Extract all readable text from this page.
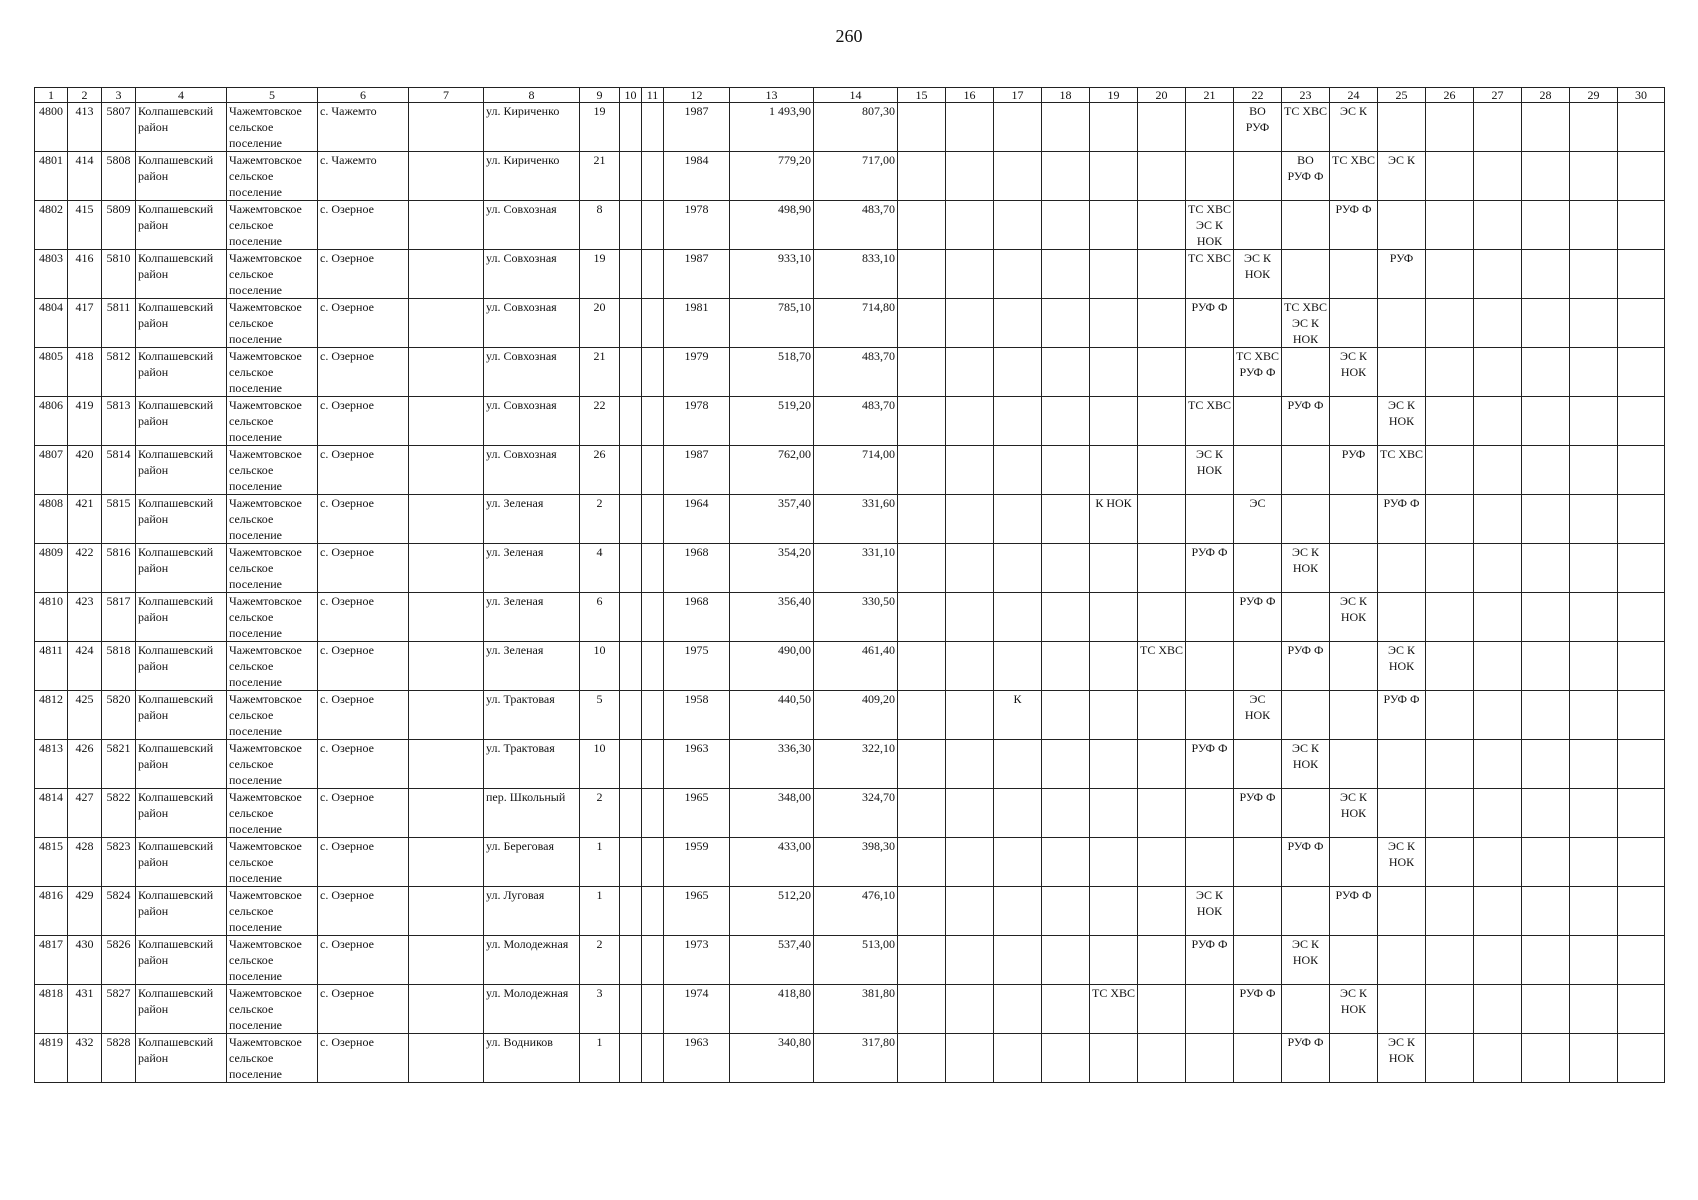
260
1	2	3	4	5	6	7	8	9	10	11	12	13	14	15	16	17	18	19	20	21	22	23	24	25	26	27	28	29	30
4800	413	5807	Колпашевский район	Чажемтовское сельское поселение	с. Чажемто		ул. Кириченко	19			1987	1 493,90	807,30								ВО РУФ	ТС ХВС	ЭС К						
4801	414	5808	Колпашевский район	Чажемтовское сельское поселение	с. Чажемто		ул. Кириченко	21			1984	779,20	717,00									ВО РУФ Ф	ТС ХВС	ЭС К					
4802	415	5809	Колпашевский район	Чажемтовское сельское поселение	с. Озерное		ул. Совхозная	8			1978	498,90	483,70							ТС ХВС ЭС К НОК			РУФ Ф						
4803	416	5810	Колпашевский район	Чажемтовское сельское поселение	с. Озерное		ул. Совхозная	19			1987	933,10	833,10							ТС ХВС	ЭС К НОК			РУФ					
4804	417	5811	Колпашевский район	Чажемтовское сельское поселение	с. Озерное		ул. Совхозная	20			1981	785,10	714,80							РУФ Ф		ТС ХВС ЭС К НОК							
4805	418	5812	Колпашевский район	Чажемтовское сельское поселение	с. Озерное		ул. Совхозная	21			1979	518,70	483,70								ТС ХВС РУФ Ф		ЭС К НОК						
4806	419	5813	Колпашевский район	Чажемтовское сельское поселение	с. Озерное		ул. Совхозная	22			1978	519,20	483,70							ТС ХВС		РУФ Ф		ЭС К НОК					
4807	420	5814	Колпашевский район	Чажемтовское сельское поселение	с. Озерное		ул. Совхозная	26			1987	762,00	714,00							ЭС К НОК			РУФ	ТС ХВС					
4808	421	5815	Колпашевский район	Чажемтовское сельское поселение	с. Озерное		ул. Зеленая	2			1964	357,40	331,60					К НОК			ЭС			РУФ Ф					
4809	422	5816	Колпашевский район	Чажемтовское сельское поселение	с. Озерное		ул. Зеленая	4			1968	354,20	331,10							РУФ Ф		ЭС К НОК							
4810	423	5817	Колпашевский район	Чажемтовское сельское поселение	с. Озерное		ул. Зеленая	6			1968	356,40	330,50								РУФ Ф		ЭС К НОК						
4811	424	5818	Колпашевский район	Чажемтовское сельское поселение	с. Озерное		ул. Зеленая	10			1975	490,00	461,40						ТС ХВС			РУФ Ф		ЭС К НОК					
4812	425	5820	Колпашевский район	Чажемтовское сельское поселение	с. Озерное		ул. Трактовая	5			1958	440,50	409,20			К					ЭС НОК			РУФ Ф					
4813	426	5821	Колпашевский район	Чажемтовское сельское поселение	с. Озерное		ул. Трактовая	10			1963	336,30	322,10							РУФ Ф		ЭС К НОК							
4814	427	5822	Колпашевский район	Чажемтовское сельское поселение	с. Озерное		пер. Школьный	2			1965	348,00	324,70								РУФ Ф		ЭС К НОК						
4815	428	5823	Колпашевский район	Чажемтовское сельское поселение	с. Озерное		ул. Береговая	1			1959	433,00	398,30									РУФ Ф		ЭС К НОК					
4816	429	5824	Колпашевский район	Чажемтовское сельское поселение	с. Озерное		ул. Луговая	1			1965	512,20	476,10							ЭС К НОК			РУФ Ф						
4817	430	5826	Колпашевский район	Чажемтовское сельское поселение	с. Озерное		ул. Молодежная	2			1973	537,40	513,00							РУФ Ф		ЭС К НОК							
4818	431	5827	Колпашевский район	Чажемтовское сельское поселение	с. Озерное		ул. Молодежная	3			1974	418,80	381,80					ТС ХВС			РУФ Ф		ЭС К НОК						
4819	432	5828	Колпашевский район	Чажемтовское сельское поселение	с. Озерное		ул. Водников	1			1963	340,80	317,80									РУФ Ф		ЭС К НОК					
